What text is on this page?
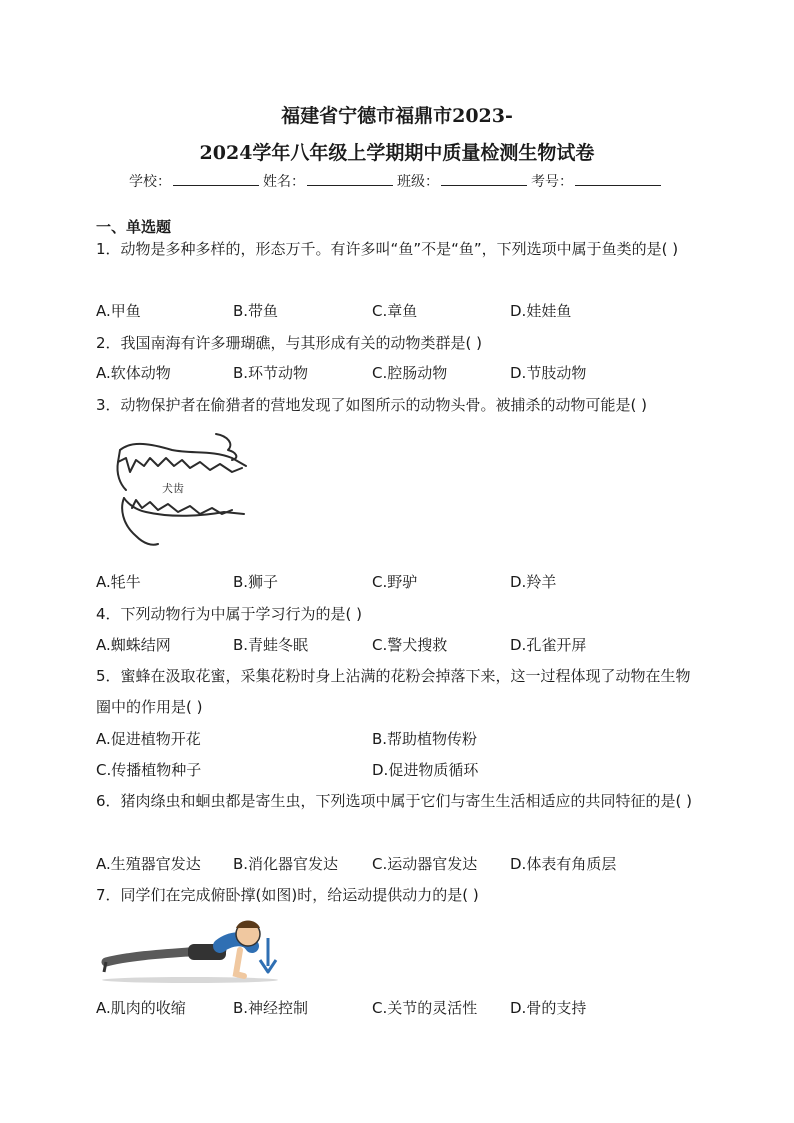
福建省宁德市福鼎市2023-
2024学年八年级上学期期中质量检测生物试卷
学校：	姓名：	班级：	考号：
一、单选题
1．动物是多种多样的，形态万千。有许多叫“鱼”不是“鱼”，下列选项中属于鱼类的是( )
A.甲鱼	B.带鱼	C.章鱼	D.娃娃鱼
2．我国南海有许多珊瑚礁，与其形成有关的动物类群是( )
A.软体动物	B.环节动物	C.腔肠动物	D.节肢动物
3．动物保护者在偷猎者的营地发现了如图所示的动物头骨。被捕杀的动物可能是( )
犬齿
A.牦牛	B.狮子	C.野驴	D.羚羊
4．下列动物行为中属于学习行为的是( )
A.蜘蛛结网	B.青蛙冬眠	C.警犬搜救	D.孔雀开屏
5．蜜蜂在汲取花蜜，采集花粉时身上沾满的花粉会掉落下来，这一过程体现了动物在生物圈中的作用是( )
A.促进植物开花	B.帮助植物传粉
C.传播植物种子	D.促进物质循环
6．猪肉绦虫和蛔虫都是寄生虫，下列选项中属于它们与寄生生活相适应的共同特征的是( )
A.生殖器官发达 B.消化器官发达 C.运动器官发达 D.体表有角质层
7．同学们在完成俯卧撑(如图)时，给运动提供动力的是( )
A.肌肉的收缩	B.神经控制	C.关节的灵活性 D.骨的支持
